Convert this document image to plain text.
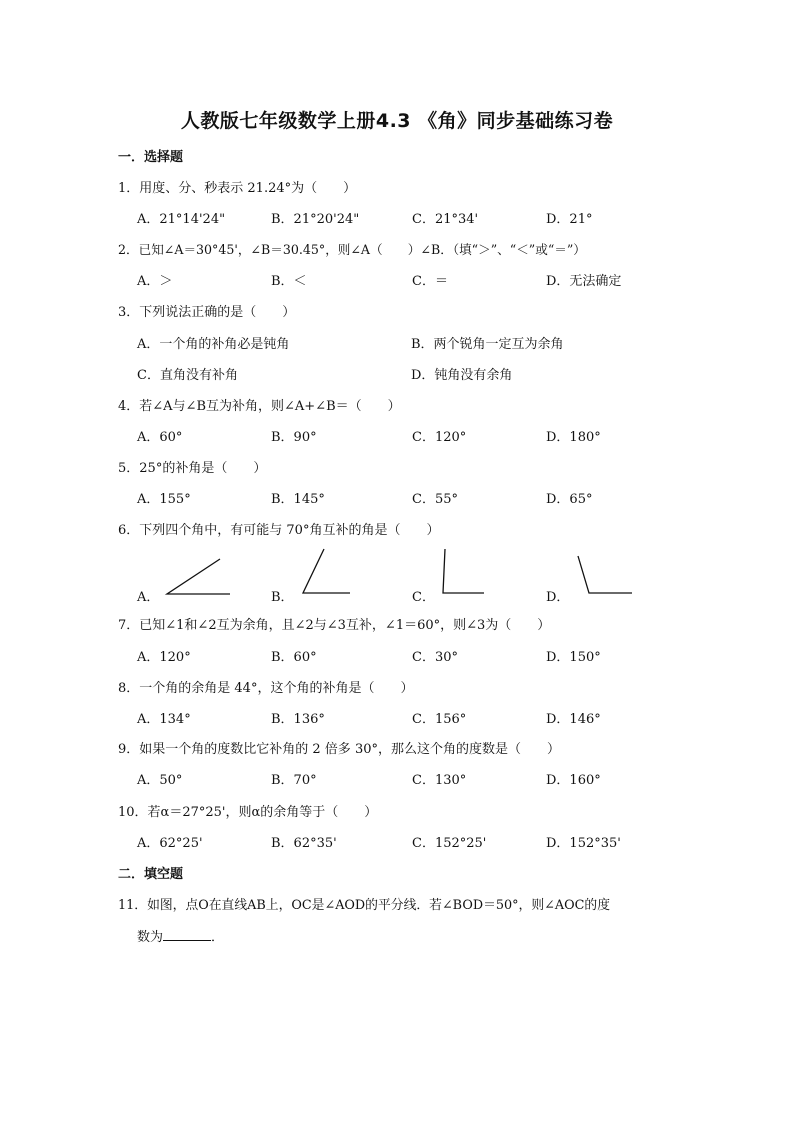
人教版七年级数学上册4.3 《角》同步基础练习卷
一．选择题
1．用度、分、秒表示 21.24°为（　　）
A．21°14'24"	B．21°20'24"	C．21°34'	D．21°
2．已知∠A＝30°45'，∠B＝30.45°，则∠A（　　）∠B．（填“＞”、“＜”或“＝”）
A．＞	B．＜	C．＝	D．无法确定
3．下列说法正确的是（　　）
A．一个角的补角必是钝角	B．两个锐角一定互为余角
C．直角没有补角	D．钝角没有余角
4．若∠A与∠B互为补角，则∠A+∠B＝（　　）
A．60°	B．90°	C．120°	D．180°
5．25°的补角是（　　）
A．155°	B．145°	C．55°	D．65°
6．下列四个角中，有可能与 70°角互补的角是（　　）
A．	B．	C．	D．
7．已知∠1和∠2互为余角，且∠2与∠3互补，∠1＝60°，则∠3为（　　）
A．120°	B．60°	C．30°	D．150°
8．一个角的余角是 44°，这个角的补角是（　　）
A．134°	B．136°	C．156°	D．146°
9．如果一个角的度数比它补角的 2 倍多 30°，那么这个角的度数是（　　）
A．50°	B．70°	C．130°	D．160°
10．若α＝27°25'，则α的余角等于（　　）
A．62°25'	B．62°35'	C．152°25'	D．152°35'
二．填空题
11．如图，点O在直线AB上，OC是∠AOD的平分线．若∠BOD＝50°，则∠AOC的度
数为	．
